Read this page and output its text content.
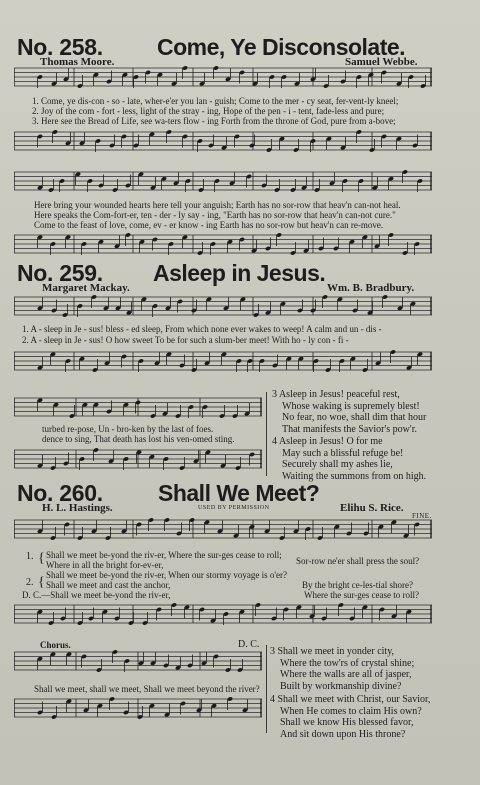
No. 258. Come, Ye Disconsolate.
Thomas Moore.	Samuel Webbe.
1. Come, ye dis-con - so - late, wher-e'er you lan - guish; Come to the mer - cy seat, fer-vent-ly kneel;
2. Joy of the com - fort - less, light of the stray - ing, Hope of the pen - i - tent, fade-less and pure;
3. Here see the Bread of Life, see wa-ters flow - ing Forth from the throne of God, pure from a-bove;
Here bring your wounded hearts here tell your anguish; Earth has no sor-row that heav'n can-not heal.
Here speaks the Com-fort-er, ten - der - ly say - ing, "Earth has no sor-row that heav'n can-not cure."
Come to the feast of love, come, ev - er know - ing Earth has no sor-row but heav'n can re-move.
No. 259. Asleep in Jesus.
Margaret Mackay.	Wm. B. Bradbury.
1. A - sleep in Je - sus! bless - ed sleep, From which none ever wakes to weep! A calm and un - dis -
2. A - sleep in Je - sus! O how sweet To be for such a slum-ber meet! With ho - ly con - fi -
turbed re-pose, Un - bro-ken by the last of foes.
dence to sing, That death has lost his ven-omed sting.
3 Asleep in Jesus! peaceful rest,
Whose waking is supremely blest!
No fear, no woe, shall dim that hour
That manifests the Savior's pow'r.
4 Asleep in Jesus! O for me
May such a blissful refuge be!
Securely shall my ashes lie,
Waiting the summons from on high.
No. 260. Shall We Meet?
H. L. Hastings.	USED BY PERMISSION	Elihu S. Rice.
FINE.
1.
2.
{
{
Shall we meet be-yond the riv-er, Where the sur-ges cease to roll;
Where in all the bright for-ev-er,	Sor-row ne'er shall press the soul?
Shall we meet be-yond the riv-er, When our stormy voyage is o'er?
Shall we meet and cast the anchor,	By the bright ce-les-tial shore?
D. C.—Shall we meet be-yond the riv-er,	Where the sur-ges cease to roll?
Chorus.	D. C.
Shall we meet, shall we meet, Shall we meet beyond the river?
3 Shall we meet in yonder city,
Where the tow'rs of crystal shine;
Where the walls are all of jasper,
Built by workmanship divine?
4 Shall we meet with Christ, our Savior,
When He comes to claim His own?
Shall we know His blessed favor,
And sit down upon His throne?
